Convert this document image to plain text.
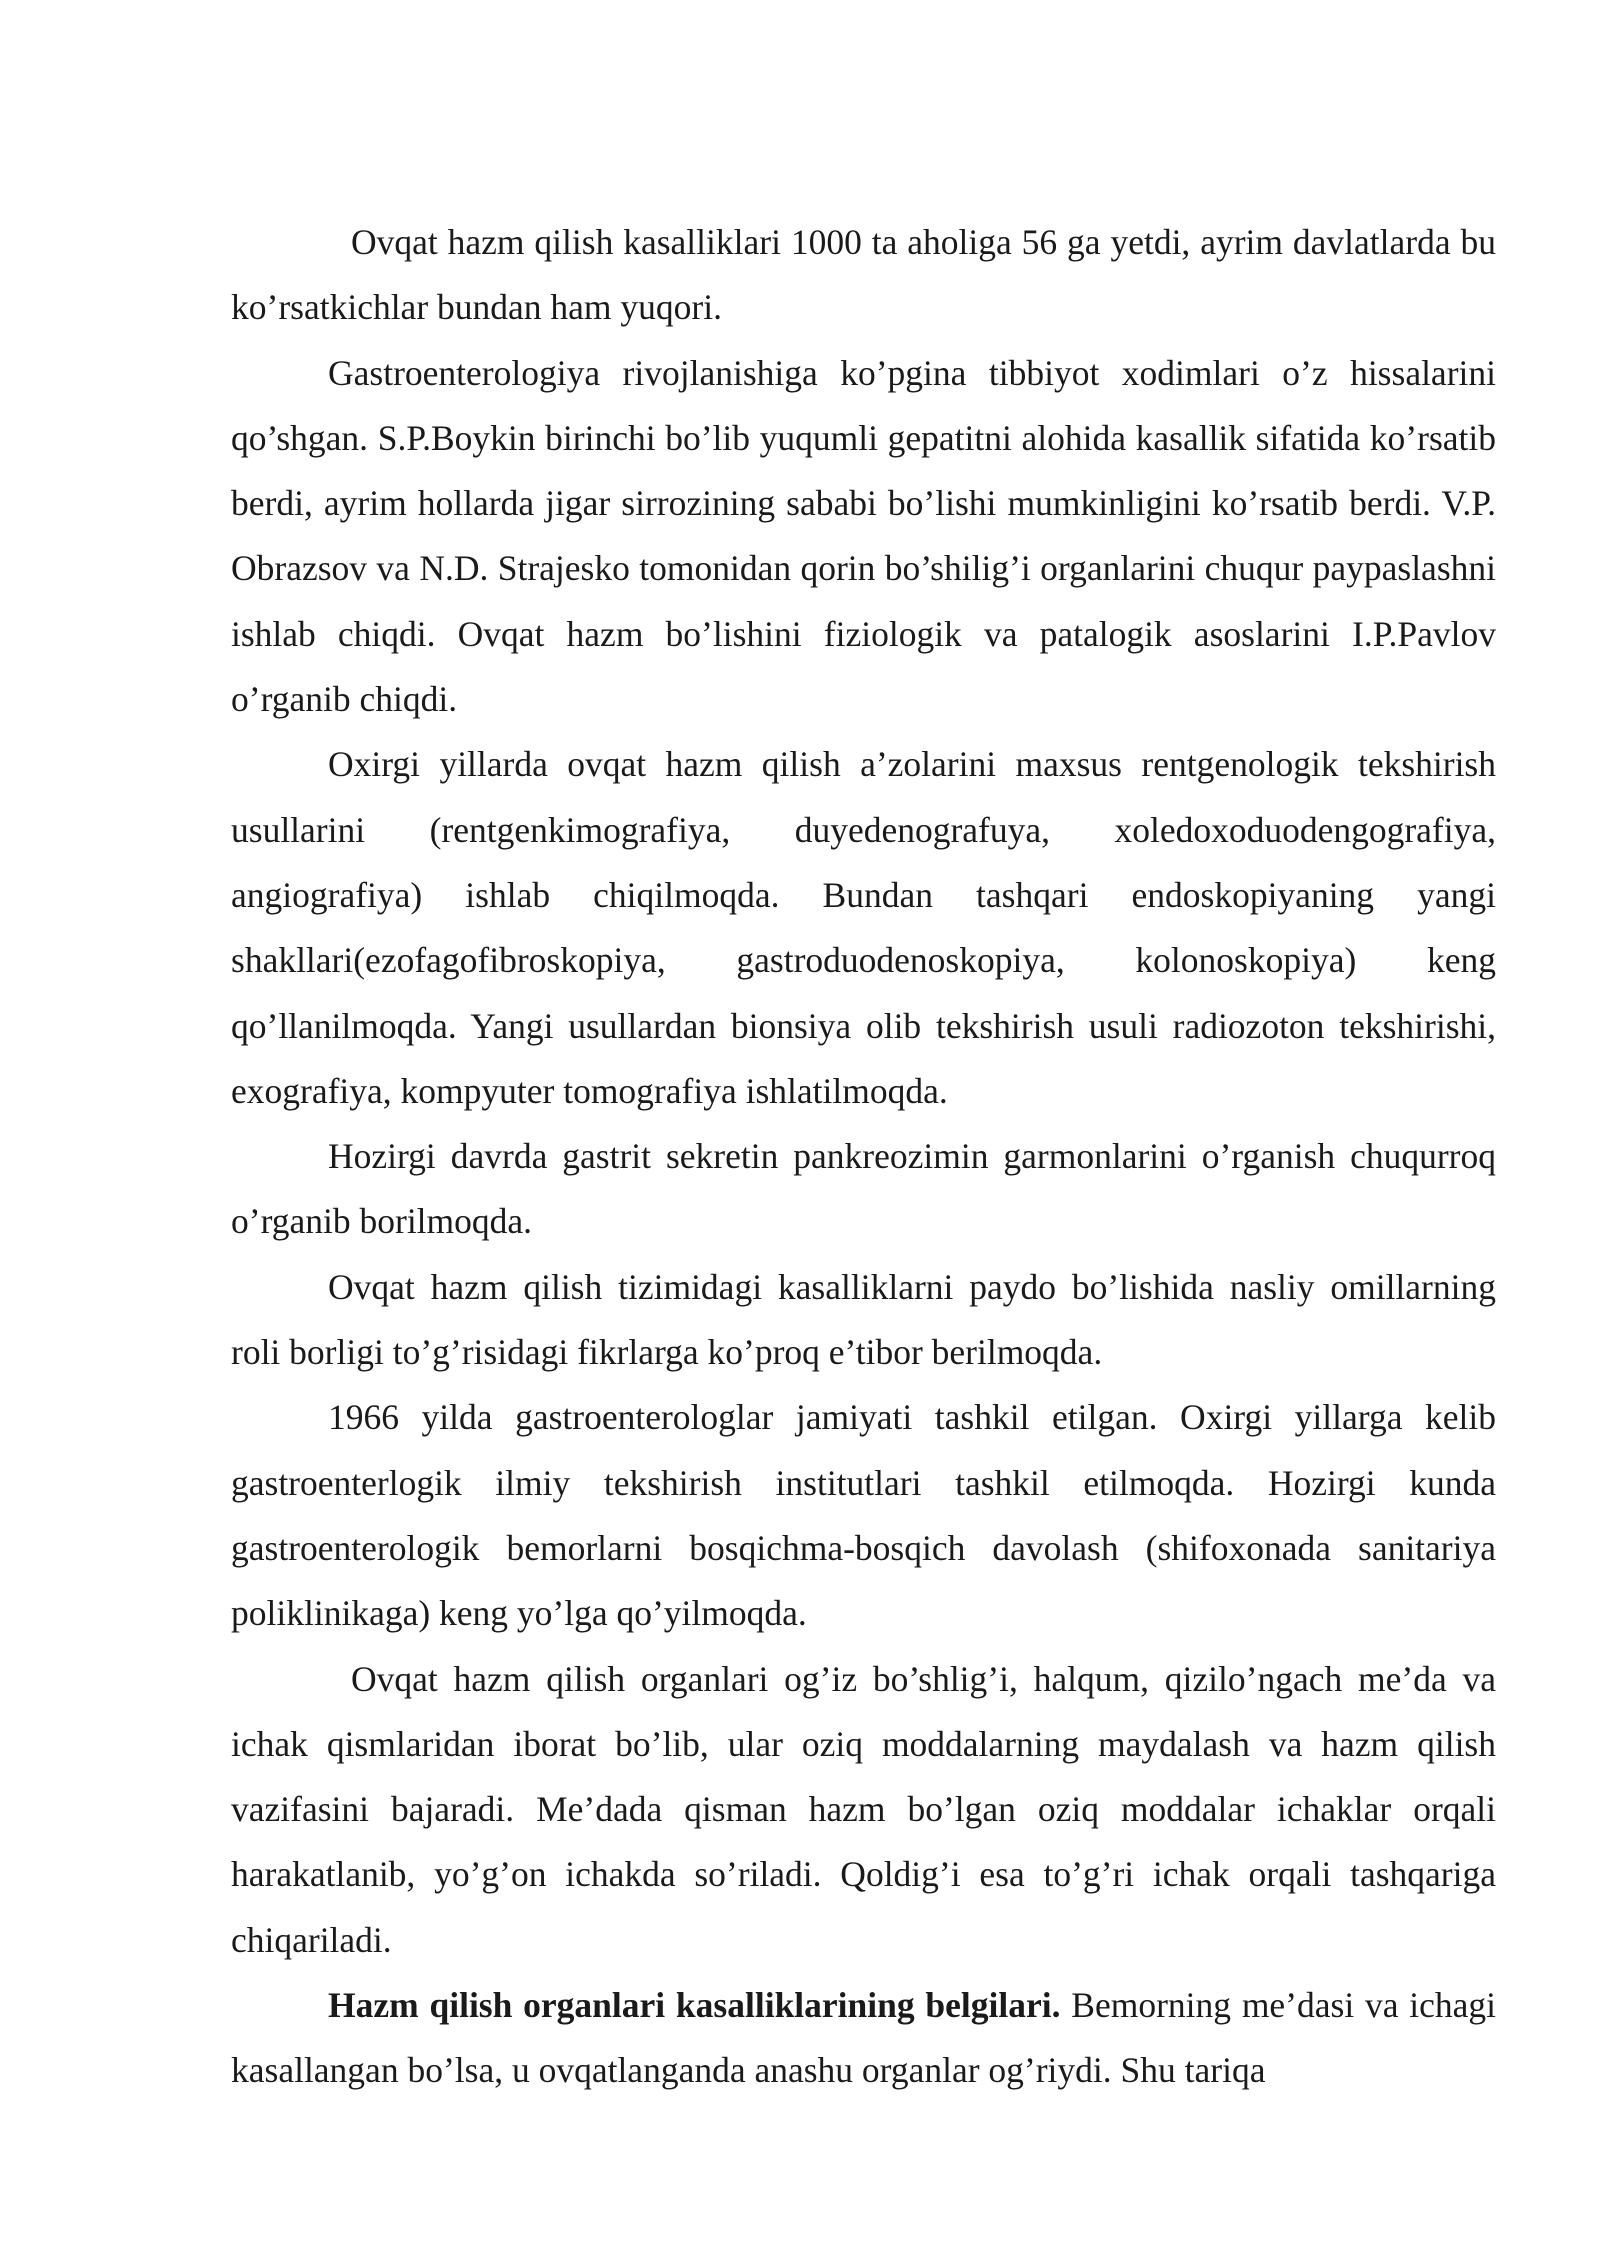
Ovqat hazm qilish kasalliklari 1000 ta aholiga 56 ga yetdi, ayrim davlatlarda bu ko’rsatkichlar bundan ham yuqori.

Gastroenterologiya rivojlanishiga ko’pgina tibbiyot xodimlari o’z hissalarini qo’shgan. S.P.Boykin birinchi bo’lib yuqumli gepatitni alohida kasallik sifatida ko’rsatib berdi, ayrim hollarda jigar sirrozining sababi bo’lishi mumkinligini ko’rsatib berdi. V.P. Obrazsov va N.D. Strajesko tomonidan qorin bo’shilig’i organlarini chuqur paypaslashni ishlab chiqdi. Ovqat hazm bo’lishini fiziologik va patalogik asoslarini I.P.Pavlov o’rganib chiqdi.

Oxirgi yillarda ovqat hazm qilish a’zolarini maxsus rentgenologik tekshirish usullarini (rentgenkimografiya, duyedenografuya, xoledoxoduodengografiya, angiografiya) ishlab chiqilmoqda. Bundan tashqari endoskopiyaning yangi shakllari(ezofagofibroskopiya, gastroduodenoskopiya, kolonoskopiya) keng qo’llanilmoqda. Yangi usullardan bionsiya olib tekshirish usuli radiozoton tekshirishi, exografiya, kompyuter tomografiya ishlatilmoqda.

Hozirgi davrda gastrit sekretin pankreozimin garmonlarini o’rganish chuqurroq o’rganib borilmoqda.

Ovqat hazm qilish tizimidagi kasalliklarni paydo bo’lishida nasliy omillarning roli borligi to’g’risidagi fikrlarga ko’proq e’tibor berilmoqda.

1966 yilda gastroenterologlar jamiyati tashkil etilgan. Oxirgi yillarga kelib gastroenterlogik ilmiy tekshirish institutlari tashkil etilmoqda. Hozirgi kunda gastroenterologik bemorlarni bosqichma-bosqich davolash (shifoxonada sanitariya poliklinikaga) keng yo’lga qo’yilmoqda.

Ovqat hazm qilish organlari og’iz bo’shlig’i, halqum, qizilo’ngach me’da va ichak qismlaridan iborat bo’lib, ular oziq moddalarning maydalash va hazm qilish vazifasini bajaradi. Me’dada qisman hazm bo’lgan oziq moddalar ichaklar orqali harakatlanib, yo’g’on ichakda so’riladi. Qoldig’i esa to’g’ri ichak orqali tashqariga chiqariladi.

Hazm qilish organlari kasalliklarining belgilari. Bemorning me’dasi va ichagi kasallangan bo’lsa, u ovqatlanganda anashu organlar og’riydi. Shu tariqa
